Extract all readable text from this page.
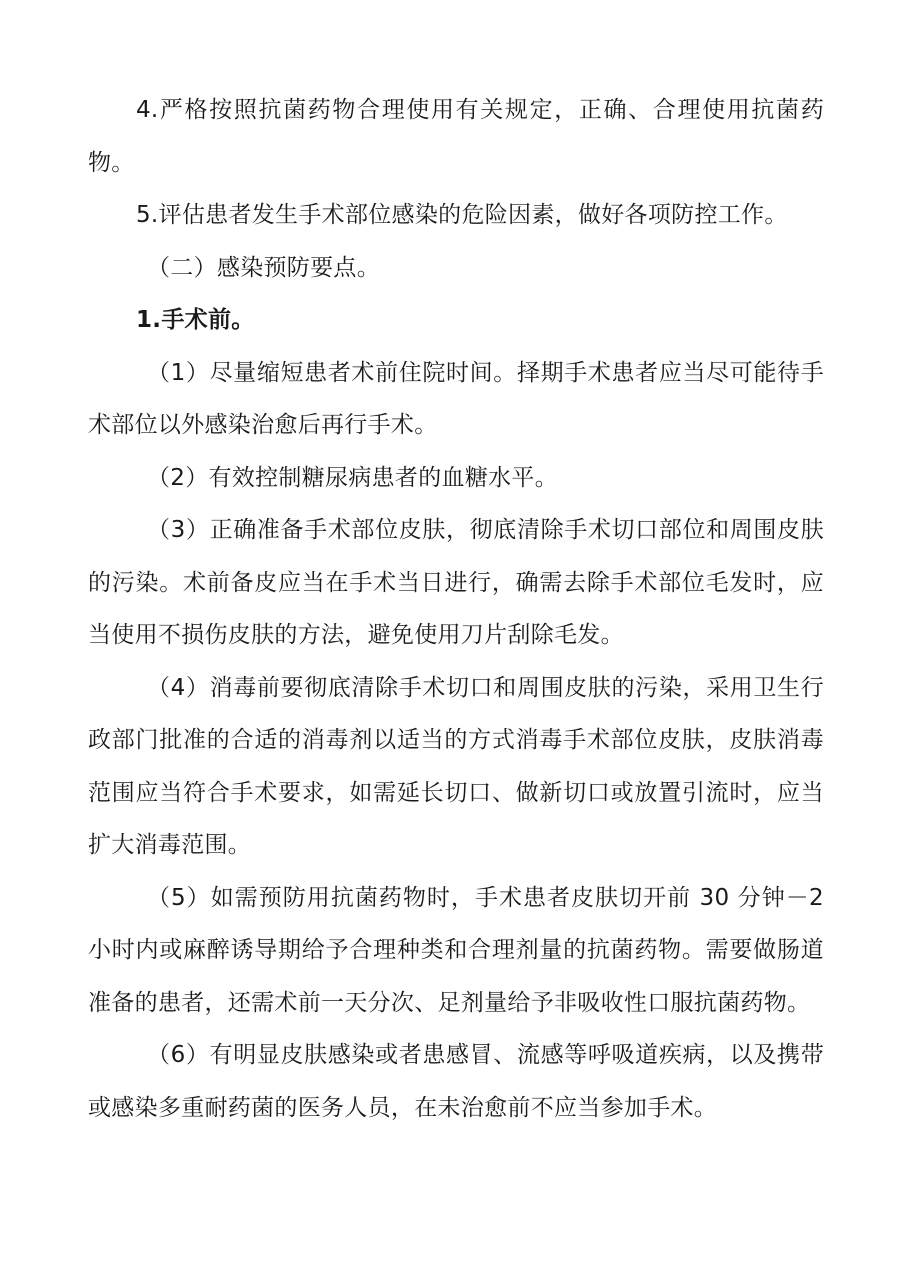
4.严格按照抗菌药物合理使用有关规定，正确、合理使用抗菌药物。

5.评估患者发生手术部位感染的危险因素，做好各项防控工作。

（二）感染预防要点。

1.手术前。

（1）尽量缩短患者术前住院时间。择期手术患者应当尽可能待手术部位以外感染治愈后再行手术。

（2）有效控制糖尿病患者的血糖水平。

（3）正确准备手术部位皮肤，彻底清除手术切口部位和周围皮肤的污染。术前备皮应当在手术当日进行，确需去除手术部位毛发时，应当使用不损伤皮肤的方法，避免使用刀片刮除毛发。

（4）消毒前要彻底清除手术切口和周围皮肤的污染，采用卫生行政部门批准的合适的消毒剂以适当的方式消毒手术部位皮肤，皮肤消毒范围应当符合手术要求，如需延长切口、做新切口或放置引流时，应当扩大消毒范围。

（5）如需预防用抗菌药物时，手术患者皮肤切开前 30 分钟－2 小时内或麻醉诱导期给予合理种类和合理剂量的抗菌药物。需要做肠道准备的患者，还需术前一天分次、足剂量给予非吸收性口服抗菌药物。

（6）有明显皮肤感染或者患感冒、流感等呼吸道疾病，以及携带或感染多重耐药菌的医务人员，在未治愈前不应当参加手术。
